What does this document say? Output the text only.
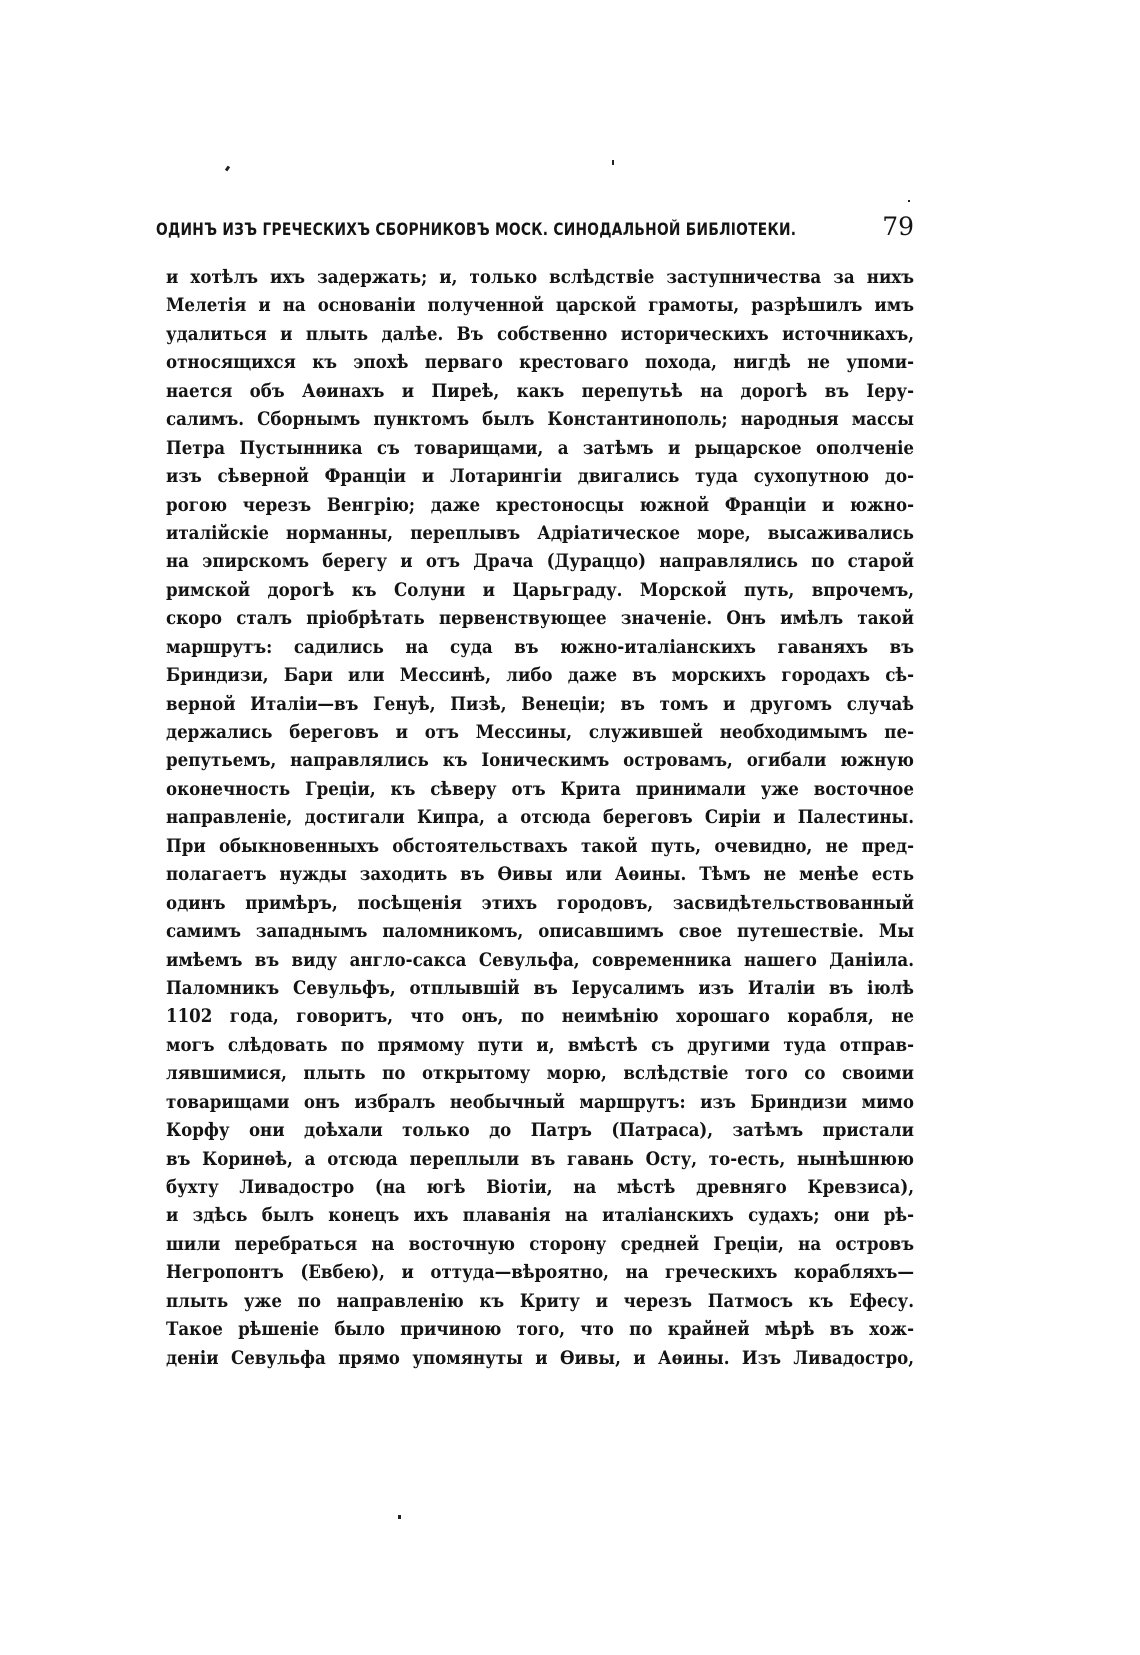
ОДИНЪ ИЗЪ ГРЕЧЕСКИХЪ СБОРНИКОВЪ МОСК. СИНОДАЛЬНОЙ БИБЛIОТЕКИ.	79
и хотѣлъ ихъ задержать; и, только вслѣдствіе заступничества за нихъ
Мелетія и на основаніи полученной царской грамоты, разрѣшилъ имъ
удалиться и плыть далѣе. Въ собственно историческихъ источникахъ,
относящихся къ эпохѣ перваго крестоваго похода, нигдѣ не упоми-
нается объ Аѳинахъ и Пиреѣ, какъ перепутьѣ на дорогѣ въ Іеру-
салимъ. Сборнымъ пунктомъ былъ Константинополь; народныя массы
Петра Пустынника съ товарищами, а затѣмъ и рыцарское ополченіе
изъ сѣверной Франціи и Лотарингіи двигались туда сухопутною до-
рогою черезъ Венгрію; даже крестоносцы южной Франціи и южно-
италійскіе норманны, переплывъ Адріатическое море, высаживались
на эпирскомъ берегу и отъ Драча (Дураццо) направлялись по старой
римской дорогѣ къ Солуни и Царьграду. Морской путь, впрочемъ,
скоро сталъ пріобрѣтать первенствующее значеніе. Онъ имѣлъ такой
маршрутъ: садились на суда въ южно-италіанскихъ гаваняхъ въ
Бриндизи, Бари или Мессинѣ, либо даже въ морскихъ городахъ сѣ-
верной Италіи—въ Генуѣ, Пизѣ, Венеціи; въ томъ и другомъ случаѣ
держались береговъ и отъ Мессины, служившей необходимымъ пе-
репутьемъ, направлялись къ Іоническимъ островамъ, огибали южную
оконечность Греціи, къ сѣверу отъ Крита принимали уже восточное
направленіе, достигали Кипра, а отсюда береговъ Сиріи и Палестины.
При обыкновенныхъ обстоятельствахъ такой путь, очевидно, не пред-
полагаетъ нужды заходить въ Ѳивы или Аѳины. Тѣмъ не менѣе есть
одинъ примѣръ, посѣщенія этихъ городовъ, засвидѣтельствованный
самимъ западнымъ паломникомъ, описавшимъ свое путешествіе. Мы
имѣемъ въ виду англо-сакса Севульфа, современника нашего Даніила.
Паломникъ Севульфъ, отплывшій въ Іерусалимъ изъ Италіи въ іюлѣ
1102 года, говоритъ, что онъ, по неимѣнію хорошаго корабля, не
могъ слѣдовать по прямому пути и, вмѣстѣ съ другими туда отправ-
лявшимися, плыть по открытому морю, вслѣдствіе того со своими
товарищами онъ избралъ необычный маршрутъ: изъ Бриндизи мимо
Корфу они доѣхали только до Патръ (Патраса), затѣмъ пристали
въ Коринѳѣ, а отсюда переплыли въ гавань Осту, то-есть, нынѣшнюю
бухту Ливадостро (на югѣ Віотіи, на мѣстѣ древняго Кревзиса),
и здѣсь былъ конецъ ихъ плаванія на италіанскихъ судахъ; они рѣ-
шили перебраться на восточную сторону средней Греціи, на островъ
Негропонтъ (Евбею), и оттуда—вѣроятно, на греческихъ корабляхъ—
плыть уже по направленію къ Криту и черезъ Патмосъ къ Ефесу.
Такое рѣшеніе было причиною того, что по крайней мѣрѣ въ хож-
деніи Севульфа прямо упомянуты и Ѳивы, и Аѳины. Изъ Ливадостро,
